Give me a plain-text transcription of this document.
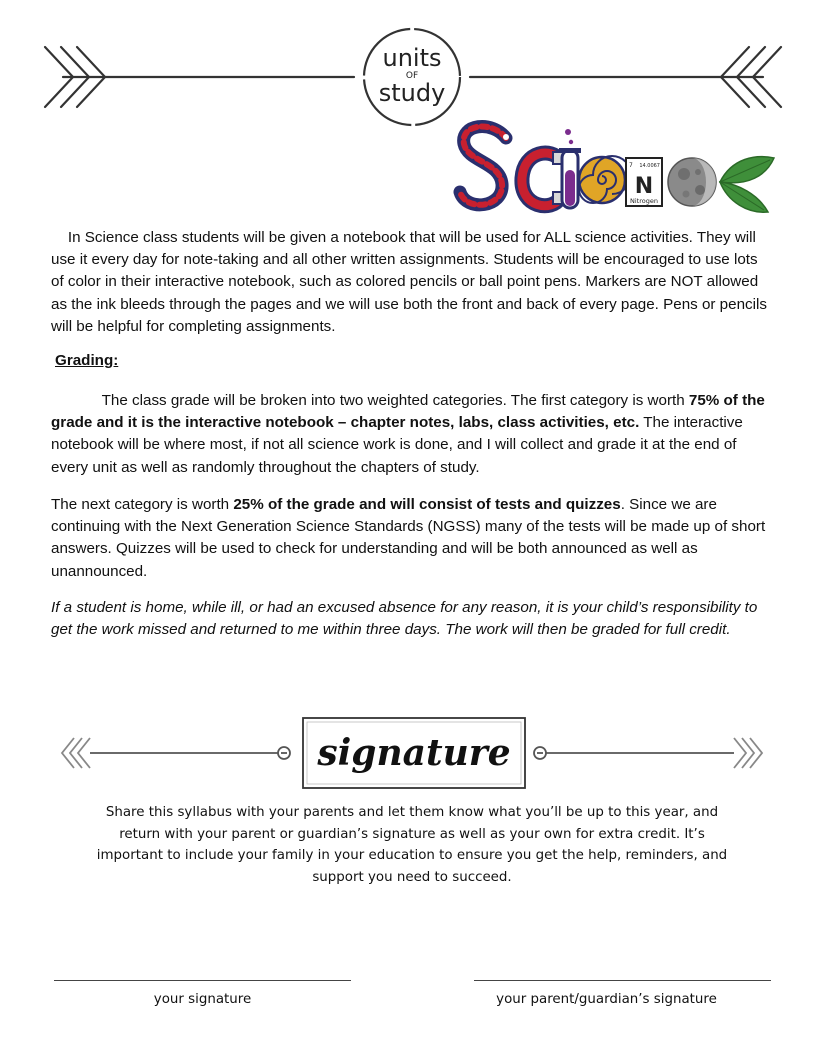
units
OF
study
7 14.0067
N
Nitrogen
In Science class students will be given a notebook that will be used for ALL science activities. They will use it every day for note-taking and all other written assignments. Students will be encouraged to use lots of color in their interactive notebook, such as colored pencils or ball point pens. Markers are NOT allowed as the ink bleeds through the pages and we will use both the front and back of every page. Pens or pencils will be helpful for completing assignments.
Grading:
The class grade will be broken into two weighted categories. The first category is worth 75% of the grade and it is the interactive notebook – chapter notes, labs, class activities, etc. The interactive notebook will be where most, if not all science work is done, and I will collect and grade it at the end of every unit as well as randomly throughout the chapters of study.
The next category is worth 25% of the grade and will consist of tests and quizzes. Since we are continuing with the Next Generation Science Standards (NGSS) many of the tests will be made up of short answers. Quizzes will be used to check for understanding and will be both announced as well as unannounced.
If a student is home, while ill, or had an excused absence for any reason, it is your child’s responsibility to get the work missed and returned to me within three days. The work will then be graded for full credit.
signature
Share this syllabus with your parents and let them know what you’ll be up to this year, and return with your parent or guardian’s signature as well as your own for extra credit. It’s important to include your family in your education to ensure you get the help, reminders, and support you need to succeed.
your signature	your parent/guardian’s signature
